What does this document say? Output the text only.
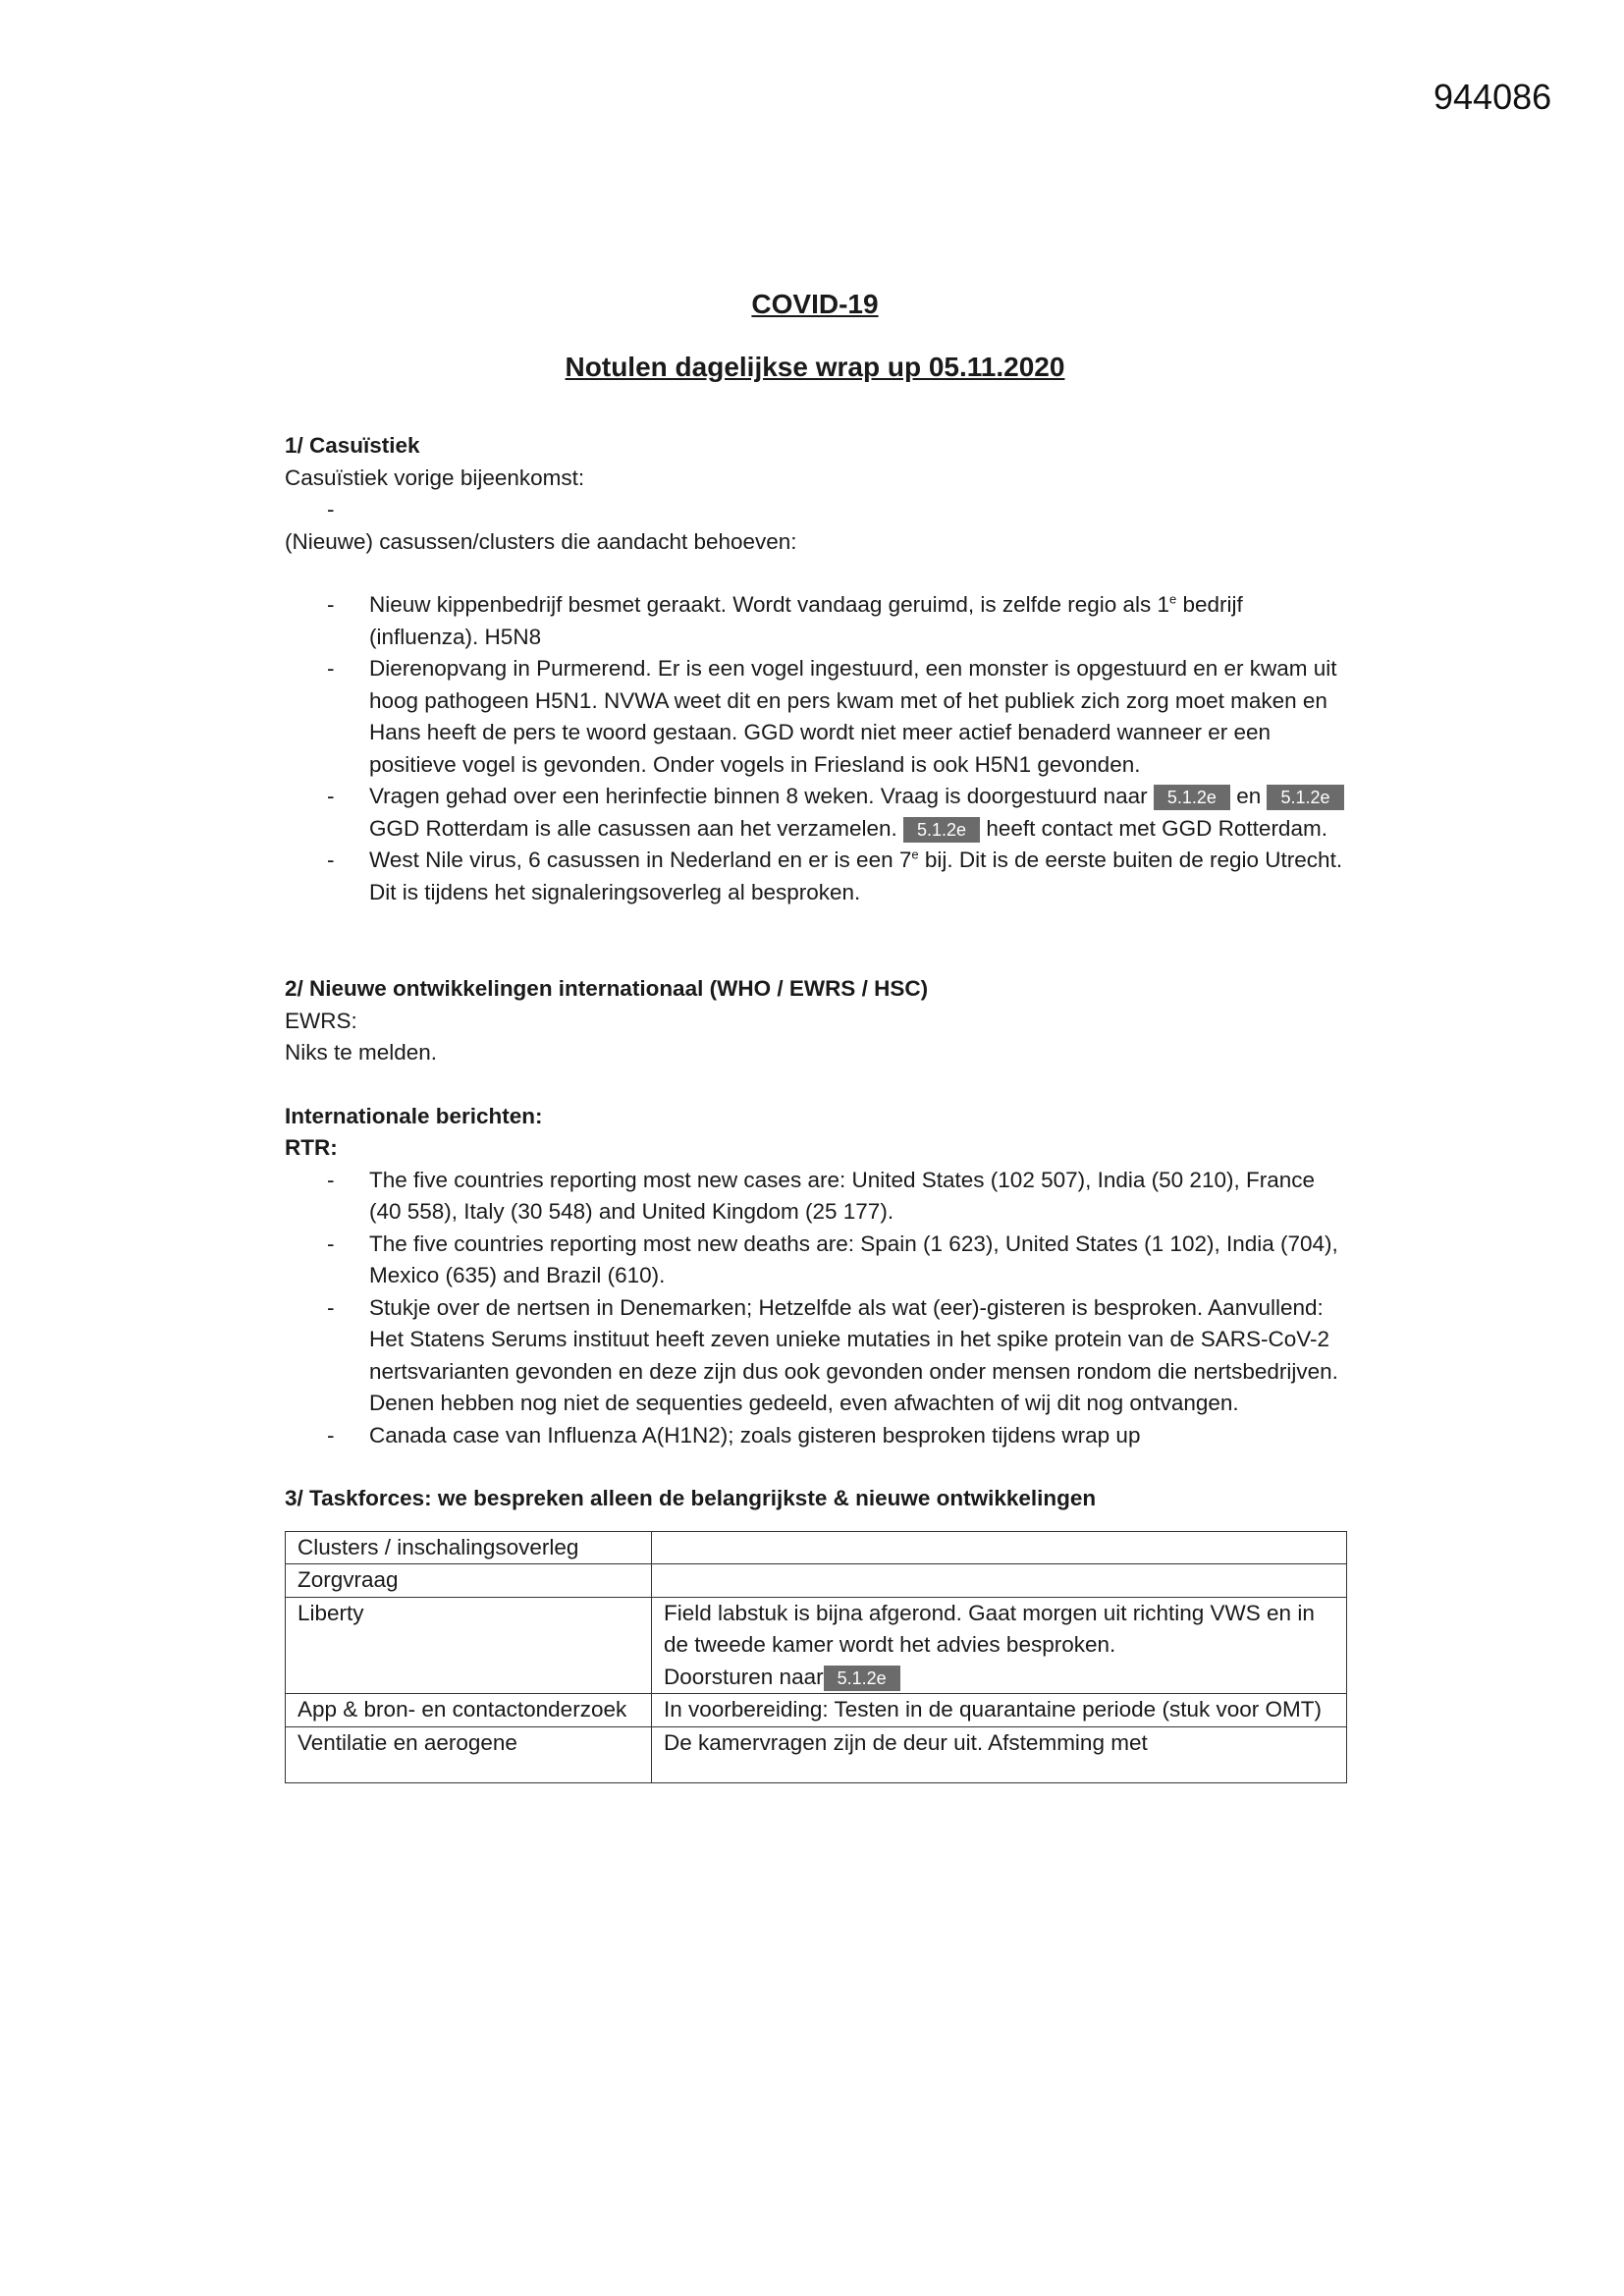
944086
COVID-19
Notulen dagelijkse wrap up 05.11.2020
1/ Casuïstiek
Casuïstiek vorige bijeenkomst:
-
(Nieuwe) casussen/clusters die aandacht behoeven:
- Nieuw kippenbedrijf besmet geraakt. Wordt vandaag geruimd, is zelfde regio als 1e bedrijf (influenza). H5N8
- Dierenopvang in Purmerend. Er is een vogel ingestuurd, een monster is opgestuurd en er kwam uit hoog pathogeen H5N1. NVWA weet dit en pers kwam met of het publiek zich zorg moet maken en Hans heeft de pers te woord gestaan. GGD wordt niet meer actief benaderd wanneer er een positieve vogel is gevonden. Onder vogels in Friesland is ook H5N1 gevonden.
- Vragen gehad over een herinfectie binnen 8 weken. Vraag is doorgestuurd naar 5.1.2e en 5.1.2e GGD Rotterdam is alle casussen aan het verzamelen. 5.1.2e heeft contact met GGD Rotterdam.
- West Nile virus, 6 casussen in Nederland en er is een 7e bij. Dit is de eerste buiten de regio Utrecht. Dit is tijdens het signaleringsoverleg al besproken.
2/ Nieuwe ontwikkelingen internationaal (WHO / EWRS / HSC)
EWRS:
Niks te melden.
Internationale berichten:
RTR:
- The five countries reporting most new cases are: United States (102 507), India (50 210), France (40 558), Italy (30 548) and United Kingdom (25 177).
- The five countries reporting most new deaths are: Spain (1 623), United States (1 102), India (704), Mexico (635) and Brazil (610).
- Stukje over de nertsen in Denemarken; Hetzelfde als wat (eer)-gisteren is besproken. Aanvullend: Het Statens Serums instituut heeft zeven unieke mutaties in het spike protein van de SARS-CoV-2 nertsvarianten gevonden en deze zijn dus ook gevonden onder mensen rondom die nertsbedrijven. Denen hebben nog niet de sequenties gedeeld, even afwachten of wij dit nog ontvangen.
- Canada case van Influenza A(H1N2); zoals gisteren besproken tijdens wrap up
3/ Taskforces: we bespreken alleen de belangrijkste & nieuwe ontwikkelingen
Clusters / inschalingsoverleg	
Zorgvraag	
Liberty	Field labstuk is bijna afgerond. Gaat morgen uit richting VWS en in de tweede kamer wordt het advies besproken.
Doorsturen naar 5.1.2e
App & bron- en contactonderzoek	In voorbereiding: Testen in de quarantaine periode (stuk voor OMT)
Ventilatie en aerogene	De kamervragen zijn de deur uit. Afstemming met
